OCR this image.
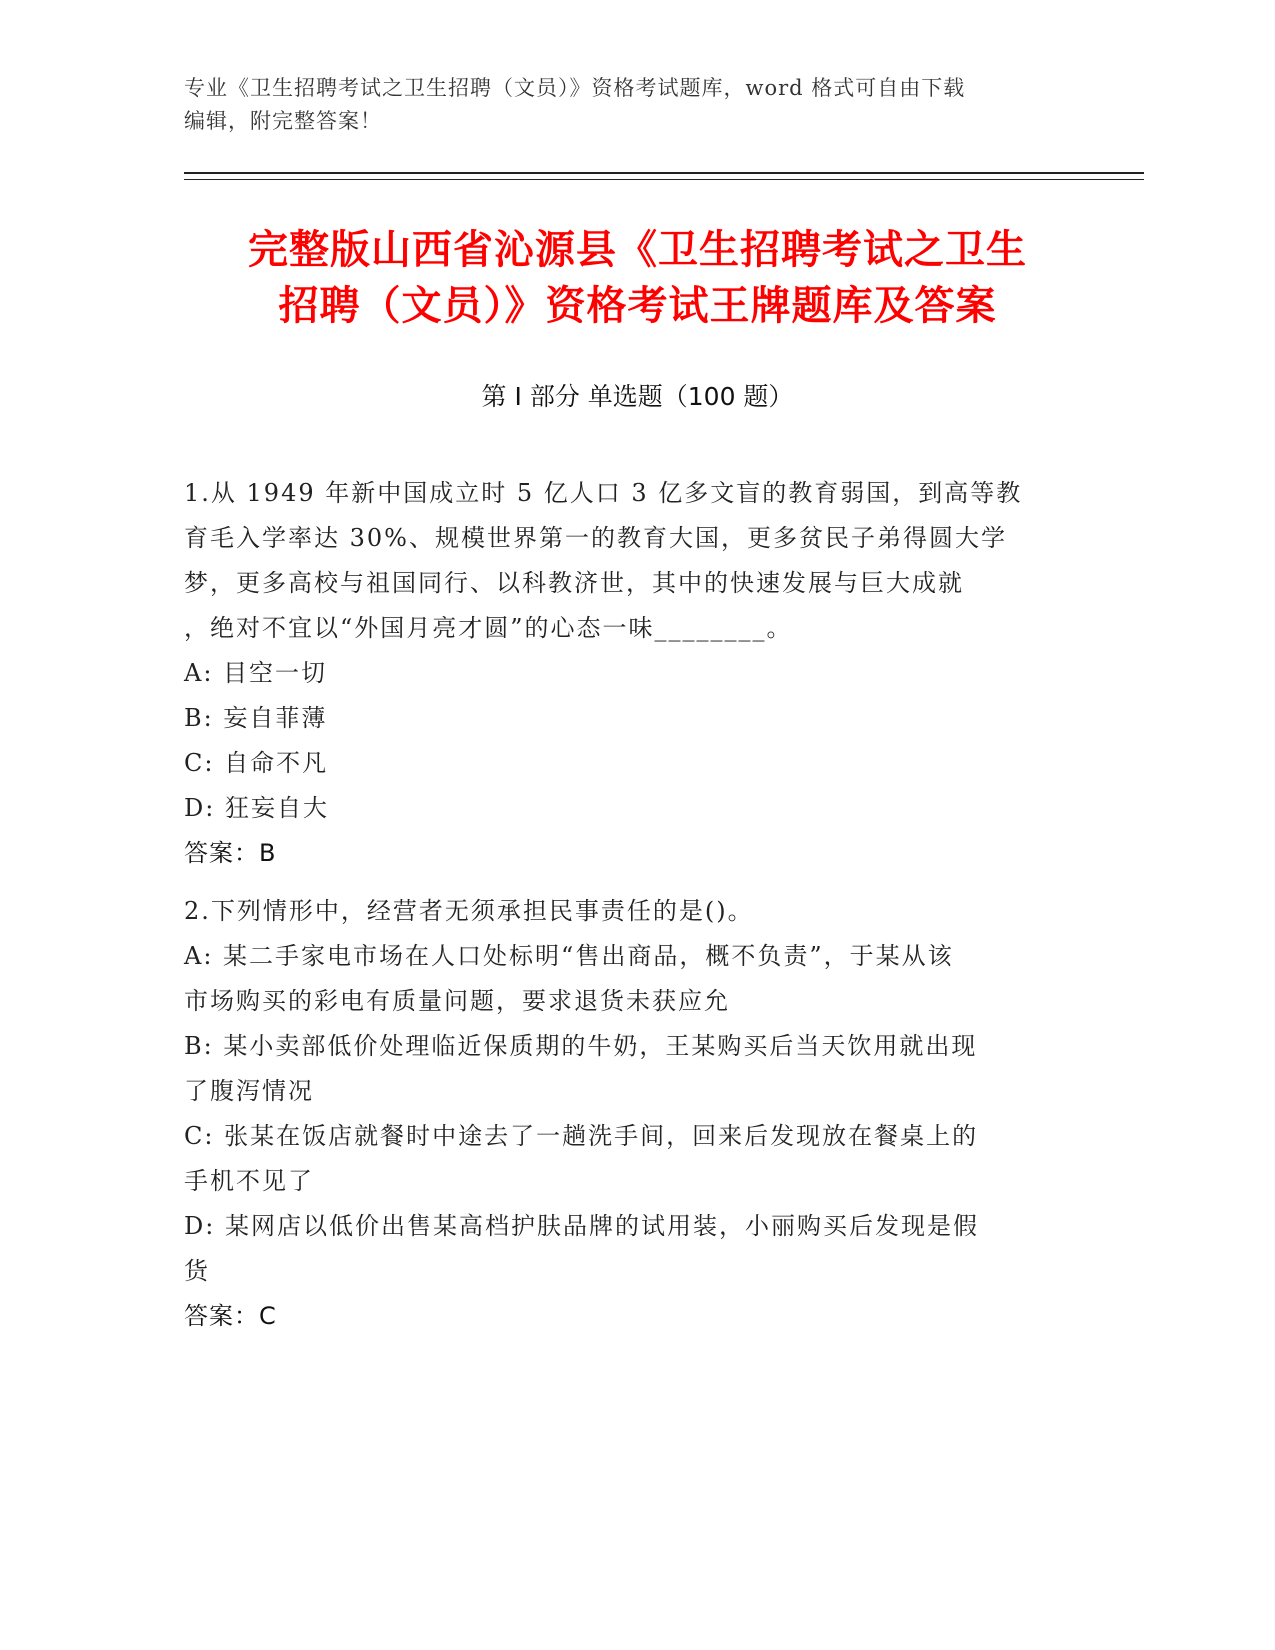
专业《卫生招聘考试之卫生招聘（文员）》资格考试题库，word 格式可自由下载
编辑，附完整答案！
完整版山西省沁源县《卫生招聘考试之卫生
招聘（文员）》资格考试王牌题库及答案
第 I 部分 单选题（100 题）
1.从 1949 年新中国成立时 5 亿人口 3 亿多文盲的教育弱国，到高等教
育毛入学率达 30%、规模世界第一的教育大国，更多贫民子弟得圆大学
梦，更多高校与祖国同行、以科教济世，其中的快速发展与巨大成就
，绝对不宜以“外国月亮才圆”的心态一味________。
A: 目空一切
B: 妄自菲薄
C: 自命不凡
D: 狂妄自大
答案：B
2.下列情形中，经营者无须承担民事责任的是()。
A: 某二手家电市场在人口处标明“售出商品，概不负责”，于某从该
市场购买的彩电有质量问题，要求退货未获应允
B: 某小卖部低价处理临近保质期的牛奶，王某购买后当天饮用就出现
了腹泻情况
C: 张某在饭店就餐时中途去了一趟洗手间，回来后发现放在餐桌上的
手机不见了
D: 某网店以低价出售某高档护肤品牌的试用装，小丽购买后发现是假
货
答案：C
